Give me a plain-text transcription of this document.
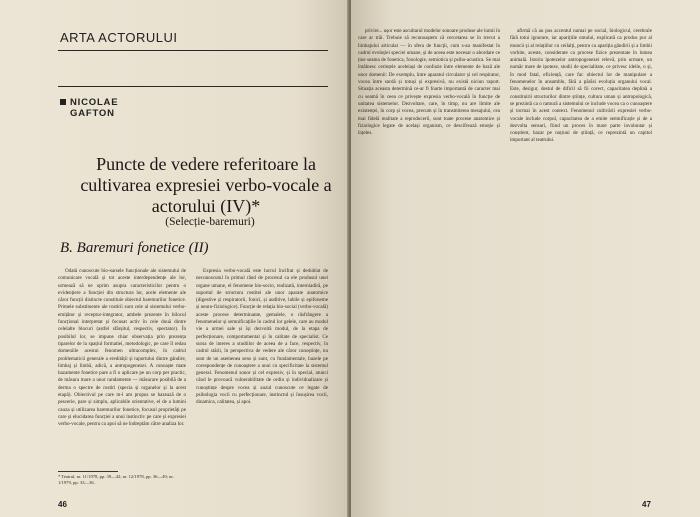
ARTA ACTORULUI
NICOLAE
GAFTON
Puncte de vedere referitoare la cultivarea expresiei verbo-vocale a actorului (IV)*
(Selecție-baremuri)
B. Baremuri fonetice (II)

Odată cunoscute bio-sursele funcționale ale sistemului de comunicare vocală și tot aceste interdependențe ale lor, urmează să ne oprim asupra caracteristicilor pentru o evidențiere a funcției din structura lor, acele elemente ale căror funcții distincte constituie obiectul baremurilor fonetice. Primele substituente ale rostirii sunt cele al sistemului verbo-emițător și receptor-integrator, ambele prezente în bilocul funcțional interpretat și focusat activ în cele două dintre celelalte blocuri (astfel sfârșitul, respectiv, spectator). În posibilul lor, se impune chiar observația prin prezența tiparelor de la spațiul formatiei, metodologic, pe care îl redau domeniile acestui fenomen ultracomplex, în cadrul problematicii generale a eredității și raportului dintre gândire, limbaj și limbă, adică, a antropogenezei. A cunoaște mate bazamente fonetice pare a fi o aplicare pe un corp per practic, de măsura mare a unor randamente — măsurare posibilă de a derma o spectre de rostiri (specia și organelor și la acest etapă). Obiectivul pe care m-l am propus se bazează de o pescerie, pare și simplu, aplicabile orientative, el de a lumini cauza și utilizarea baremurilor fonetice, focusul proprietăți pe care și elucidarea funcției a unui instinctiv pe care și expresiei verbo-vocale, pentru ca apoi să ne îndreptăm către analiza lor.

Expresia verbo-vocală este lucrul încifrat și dedublat de necunoscutul în primul rând de procesul ca ele produsul unei organe umane, el fenomene bio-socio, realizată, interniadiră, pe suportul de structura rostitei ale unor aparate anatomice (digestive și respiratorii, fonici, și auditive, labile și epifoneme și neuro-fiziologice). Funcție de relația bio-social (verbo-vocală) aceste procese determinante, gemalele, o răsfrângere a fenomenelor și semnificațiile în cadrul lor gelele, care au modul vie a urmei sale și își dezvoltă modul, de la etapa de perfecționare, comportamental și în calitate de specialist. Ce sursa de interes a studiilor de aceea de a face, respectiv, în cadrul stării, în perspectiva de vedere ale căror cunoștințe, nu sunt de un asemenea sens și sunt, cu fundamentale, bazele pe corespondențe de cunoaștere a unui cu specificitate la sistemul general. Fenomenul sonor și cel expresiv, și în special, atunci când le provoacă vulnerabilitate de ordin și individualizare și cunoștințe despre vocea și auzul cunoscute ce legate de psihologia vocii cu perfecționare, instinctul și însușirea vocii, dinamica, calitatea, și apoi.

* Teatrul, nr. 11/1978, pp. 39—42; nr. 12/1978, pp. 36—49; nr. 1/1979, pp. 33—36.
46

privire... ușor este ascultarul modelor sonoare produse ale lumii în care ar trăi. Trebuie să recunoaștem că cercetarea se în trecut a limbajului articulat — în sfera de funcții, cum s-au manifestat în cadrul evoluției speciei umane, și de aceea este necesar o abordare ce ține seama de fonetica, fonologie, semiotica și psiho-acustica. Se mai întâlnesc cerințele aceleiași de confuzie între elemente de bază ale unor domenii: De exemplu, între aparatul circulator și cel respirator, vocea între surdă și totuși și expresivă, nu există niciun raport. Situația aceasta determină ce-ar fi foarte importantă de caracter mai cu seamă în ceea ce privește expresia verbo-vocală în funcție de unitatea sistemelor. Dezvoltare, care, în timp, nu are limite ale existenței, în corp și vocea, precum și în transmiterea mesajului, cea mai fidelă realitate a reproducerii, sunt toate procese anatomice și fiziologice legate de același organism, ce descifrează emoție și înțeles.

afirmă că au pus accentul numai pe social, biologicul, cerebrale fără totui ignorare, iar aparițiile omului, explicată ca produs pur al muncii și al relațiilor cu ceilalți, pentru ca apariția gândirii și a limbii vorbite, aceste, considerate ca procese fizice prezentate în lumea animală. Istoria ipotezelor antropogenezei relevă, prin urmare, un număr mare de ipoteze, studii de specialitate, ce privesc ideile, o și, în mod fatal, eficiență, care fac obiectul lor de manipulare a fenomenelor în ansamblu, fără a părăsi evoluția organului vocal. Este, desigur, destul de dificil să fii corect, capacitatea deplină a constituirii structurilor dintre științe, cultura uman și antropologică, se prezintă ca o ramură a sistemului ce include vocea ca o cunoaștere și tocmai în acest context. Fenomenul cultivării expresiei verbo-vocale include corpul, capacitatea de a emite semnificație și de a dezvolta sensuri, fiind un proces în mare parte involuntar și conștient, bazat pe noțiuni de știință, ce reprezintă un capitol important al teatrului.

47
